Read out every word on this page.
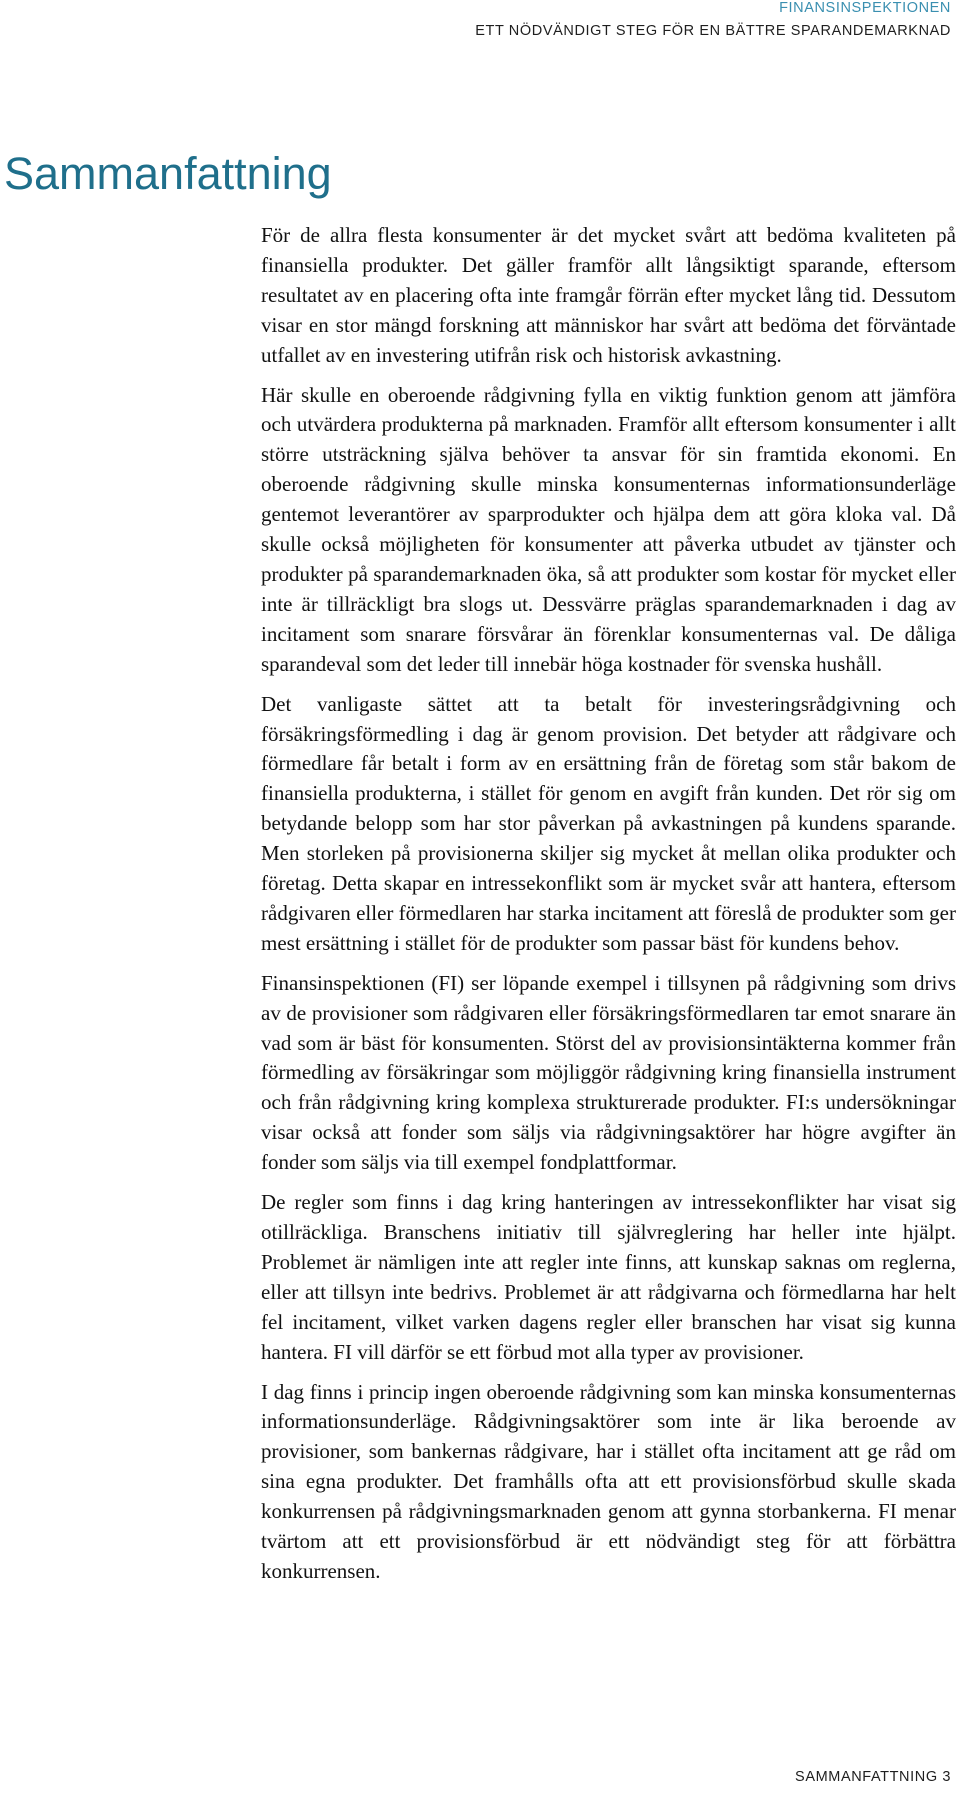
FINANSINSPEKTIONEN
ETT NÖDVÄNDIGT STEG FÖR EN BÄTTRE SPARANDEMARKNAD
Sammanfattning

För de allra flesta konsumenter är det mycket svårt att bedöma kvaliteten på finansiella produkter. Det gäller framför allt långsiktigt sparande, eftersom resultatet av en placering ofta inte framgår förrän efter mycket lång tid. Dessutom visar en stor mängd forskning att människor har svårt att bedöma det förväntade utfallet av en investering utifrån risk och historisk avkastning.

Här skulle en oberoende rådgivning fylla en viktig funktion genom att jämföra och utvärdera produkterna på marknaden. Framför allt eftersom konsumenter i allt större utsträckning själva behöver ta ansvar för sin framtida ekonomi. En oberoende rådgivning skulle minska konsumenternas informationsunderläge gentemot leverantörer av sparprodukter och hjälpa dem att göra kloka val. Då skulle också möjligheten för konsumenter att påverka utbudet av tjänster och produkter på sparandemarknaden öka, så att produkter som kostar för mycket eller inte är tillräckligt bra slogs ut. Dessvärre präglas sparandemarknaden i dag av incitament som snarare försvårar än förenklar konsumenternas val. De dåliga sparandeval som det leder till innebär höga kostnader för svenska hushåll.

Det vanligaste sättet att ta betalt för investeringsrådgivning och försäkringsförmedling i dag är genom provision. Det betyder att rådgivare och förmedlare får betalt i form av en ersättning från de företag som står bakom de finansiella produkterna, i stället för genom en avgift från kunden. Det rör sig om betydande belopp som har stor påverkan på avkastningen på kundens sparande. Men storleken på provisionerna skiljer sig mycket åt mellan olika produkter och företag. Detta skapar en intressekonflikt som är mycket svår att hantera, eftersom rådgivaren eller förmedlaren har starka incitament att föreslå de produkter som ger mest ersättning i stället för de produkter som passar bäst för kundens behov.

Finansinspektionen (FI) ser löpande exempel i tillsynen på rådgivning som drivs av de provisioner som rådgivaren eller försäkringsförmedlaren tar emot snarare än vad som är bäst för konsumenten. Störst del av provisionsintäkterna kommer från förmedling av försäkringar som möjliggör rådgivning kring finansiella instrument och från rådgivning kring komplexa strukturerade produkter. FI:s undersökningar visar också att fonder som säljs via rådgivningsaktörer har högre avgifter än fonder som säljs via till exempel fondplattformar.

De regler som finns i dag kring hanteringen av intressekonflikter har visat sig otillräckliga. Branschens initiativ till självreglering har heller inte hjälpt. Problemet är nämligen inte att regler inte finns, att kunskap saknas om reglerna, eller att tillsyn inte bedrivs. Problemet är att rådgivarna och förmedlarna har helt fel incitament, vilket varken dagens regler eller branschen har visat sig kunna hantera. FI vill därför se ett förbud mot alla typer av provisioner.

I dag finns i princip ingen oberoende rådgivning som kan minska konsumenternas informationsunderläge. Rådgivningsaktörer som inte är lika beroende av provisioner, som bankernas rådgivare, har i stället ofta incitament att ge råd om sina egna produkter. Det framhålls ofta att ett provisionsförbud skulle skada konkurrensen på rådgivningsmarknaden genom att gynna storbankerna. FI menar tvärtom att ett provisionsförbud är ett nödvändigt steg för att förbättra konkurrensen.

SAMMANFATTNING 3
